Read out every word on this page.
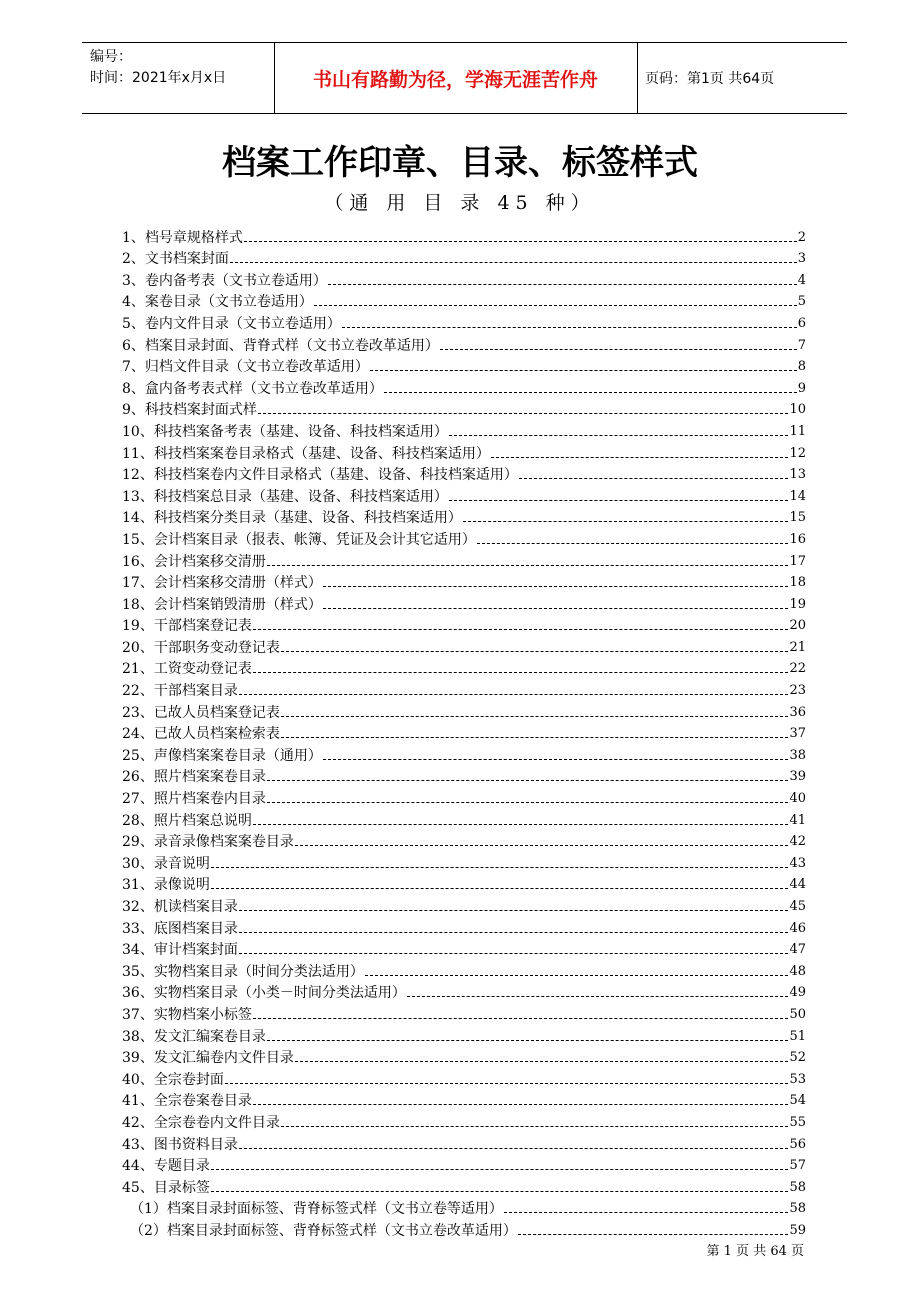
编号：
时间：2021年x月x日	书山有路勤为径，学海无涯苦作舟	页码：第1页 共64页
档案工作印章、目录、标签样式
（通 用 目 录 45 种）
1、档号章规格样式	2
2、文书档案封面	3
3、卷内备考表（文书立卷适用）	4
4、案卷目录（文书立卷适用）	5
5、卷内文件目录（文书立卷适用）	6
6、档案目录封面、背脊式样（文书立卷改革适用）	7
7、归档文件目录（文书立卷改革适用）	8
8、盒内备考表式样（文书立卷改革适用）	9
9、科技档案封面式样	10
10、科技档案备考表（基建、设备、科技档案适用）	11
11、科技档案案卷目录格式（基建、设备、科技档案适用）	12
12、科技档案卷内文件目录格式（基建、设备、科技档案适用）	13
13、科技档案总目录（基建、设备、科技档案适用）	14
14、科技档案分类目录（基建、设备、科技档案适用）	15
15、会计档案目录（报表、帐簿、凭证及会计其它适用）	16
16、会计档案移交清册	17
17、会计档案移交清册（样式）	18
18、会计档案销毁清册（样式）	19
19、干部档案登记表	20
20、干部职务变动登记表	21
21、工资变动登记表	22
22、干部档案目录	23
23、已故人员档案登记表	36
24、已故人员档案检索表	37
25、声像档案案卷目录（通用）	38
26、照片档案案卷目录	39
27、照片档案卷内目录	40
28、照片档案总说明	41
29、录音录像档案案卷目录	42
30、录音说明	43
31、录像说明	44
32、机读档案目录	45
33、底图档案目录	46
34、审计档案封面	47
35、实物档案目录（时间分类法适用）	48
36、实物档案目录（小类－时间分类法适用）	49
37、实物档案小标签	50
38、发文汇编案卷目录	51
39、发文汇编卷内文件目录	52
40、全宗卷封面	53
41、全宗卷案卷目录	54
42、全宗卷卷内文件目录	55
43、图书资料目录	56
44、专题目录	57
45、目录标签	58
（1）档案目录封面标签、背脊标签式样（文书立卷等适用）	58
（2）档案目录封面标签、背脊标签式样（文书立卷改革适用）	59
第 1 页 共 64 页
